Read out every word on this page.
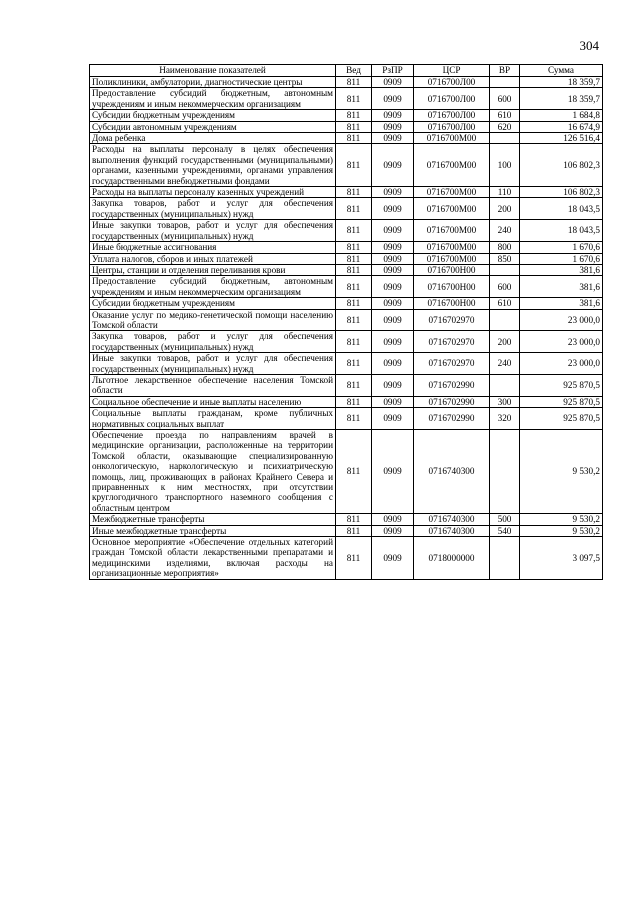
304
Наименование показателей	Вед	РзПР	ЦСР	ВР	Сумма
Поликлиники, амбулатории, диагностические центры	811	0909	0716700Л00		18 359,7
Предоставление субсидий бюджетным, автономным учреждениям и иным некоммерческим организациям	811	0909	0716700Л00	600	18 359,7
Субсидии бюджетным учреждениям	811	0909	0716700Л00	610	1 684,8
Субсидии автономным учреждениям	811	0909	0716700Л00	620	16 674,9
Дома ребенка	811	0909	0716700М00		126 516,4
Расходы на выплаты персоналу в целях обеспечения выполнения функций государственными (муниципальными) органами, казенными учреждениями, органами управления государственными внебюджетными фондами	811	0909	0716700М00	100	106 802,3
Расходы на выплаты персоналу казенных учреждений	811	0909	0716700М00	110	106 802,3
Закупка товаров, работ и услуг для обеспечения государственных (муниципальных) нужд	811	0909	0716700М00	200	18 043,5
Иные закупки товаров, работ и услуг для обеспечения государственных (муниципальных) нужд	811	0909	0716700М00	240	18 043,5
Иные бюджетные ассигнования	811	0909	0716700М00	800	1 670,6
Уплата налогов, сборов и иных платежей	811	0909	0716700М00	850	1 670,6
Центры, станции и отделения переливания крови	811	0909	0716700Н00		381,6
Предоставление субсидий бюджетным, автономным учреждениям и иным некоммерческим организациям	811	0909	0716700Н00	600	381,6
Субсидии бюджетным учреждениям	811	0909	0716700Н00	610	381,6
Оказание услуг по медико-генетической помощи населению Томской области	811	0909	0716702970		23 000,0
Закупка товаров, работ и услуг для обеспечения государственных (муниципальных) нужд	811	0909	0716702970	200	23 000,0
Иные закупки товаров, работ и услуг для обеспечения государственных (муниципальных) нужд	811	0909	0716702970	240	23 000,0
Льготное лекарственное обеспечение населения Томской области	811	0909	0716702990		925 870,5
Социальное обеспечение и иные выплаты населению	811	0909	0716702990	300	925 870,5
Социальные выплаты гражданам, кроме публичных нормативных социальных выплат	811	0909	0716702990	320	925 870,5
Обеспечение проезда по направлениям врачей в медицинские организации, расположенные на территории Томской области, оказывающие специализированную онкологическую, наркологическую и психиатрическую помощь, лиц, проживающих в районах Крайнего Севера и приравненных к ним местностях, при отсутствии круглогодичного транспортного наземного сообщения с областным центром	811	0909	0716740300		9 530,2
Межбюджетные трансферты	811	0909	0716740300	500	9 530,2
Иные межбюджетные трансферты	811	0909	0716740300	540	9 530,2
Основное мероприятие «Обеспечение отдельных категорий граждан Томской области лекарственными препаратами и медицинскими изделиями, включая расходы на организационные мероприятия»	811	0909	0718000000		3 097,5
